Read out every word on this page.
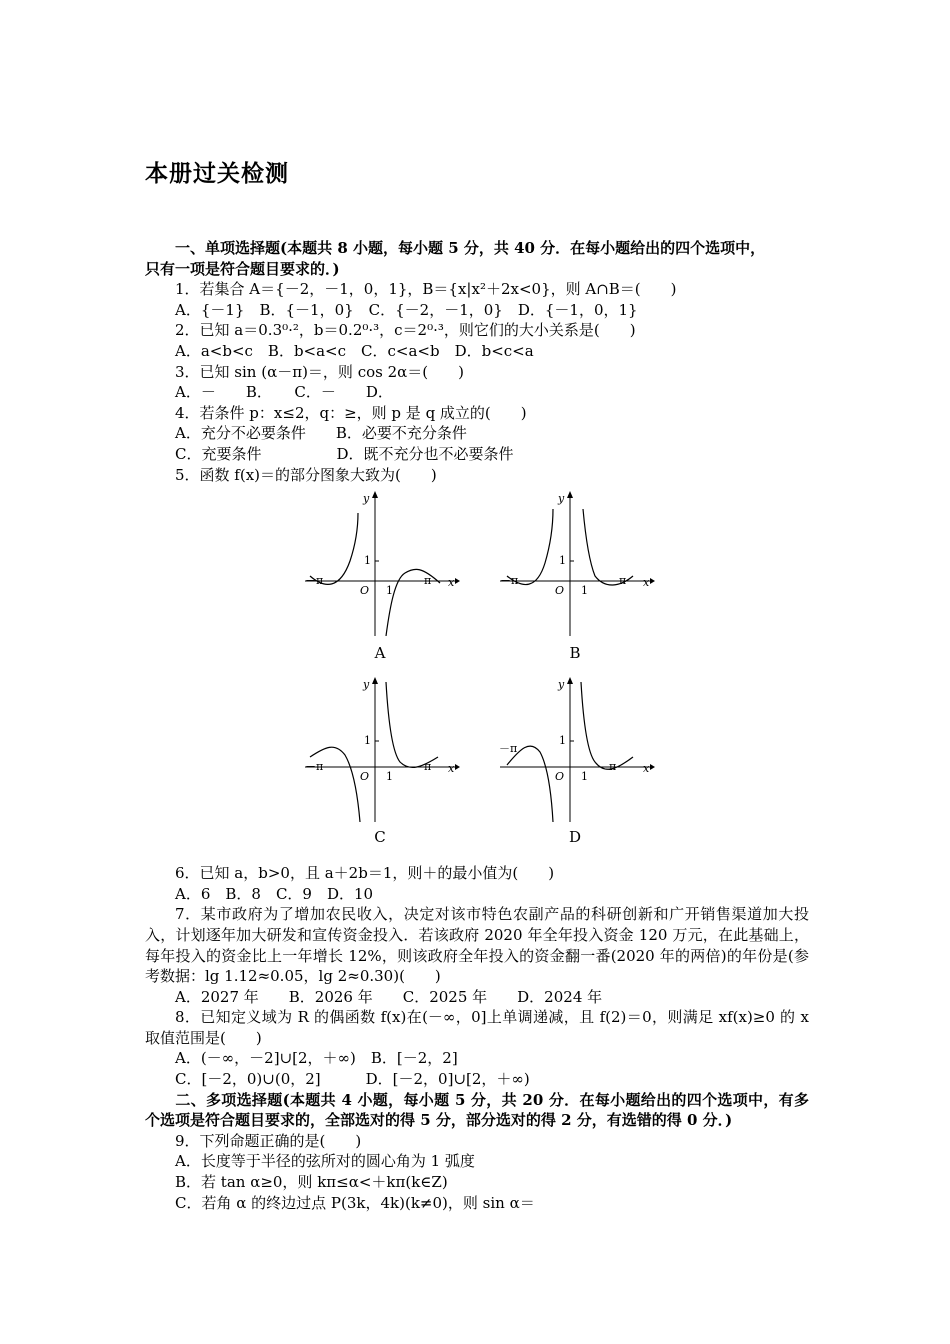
本册过关检测
一、单项选择题(本题共 8 小题，每小题 5 分，共 40 分．在每小题给出的四个选项中，
只有一项是符合题目要求的．)
1．若集合 A＝{－2，－1，0，1}，B＝{x|x²＋2x<0}，则 A∩B＝(　　)
A．{－1}　B．{－1，0}　C．{－2，－1，0}　D．{－1，0，1}
2．已知 a＝0.3⁰·²，b＝0.2⁰·³，c＝2⁰·³，则它们的大小关系是(　　)
A．a<b<c　B．b<a<c　C．c<a<b　D．b<c<a
3．已知 sin (α－π)＝，则 cos 2α＝(　　)
A．－　　B．　　C．－　　D．
4．若条件 p：x≤2，q：≥，则 p 是 q 成立的(　　)
A．充分不必要条件　　B．必要不充分条件
C．充要条件　　　　　D．既不充分也不必要条件
5．函数 f(x)＝的部分图象大致为(　　)
－π
O
1
1
π x
y
A
－π
O
1
1
π x
y
B
－π
O
1
1
π x
y
C
－π
O
1
1
π x
y
D
6．已知 a，b>0，且 a＋2b＝1，则＋的最小值为(　　)
A．6　B．8　C．9　D．10
7．某市政府为了增加农民收入，决定对该市特色农副产品的科研创新和广开销售渠道加大投入，计划逐年加大研发和宣传资金投入．若该政府 2020 年全年投入资金 120 万元，在此基础上，每年投入的资金比上一年增长 12%，则该政府全年投入的资金翻一番(2020 年的两倍)的年份是(参考数据：lg 1.12≈0.05，lg 2≈0.30)(　　)
A．2027 年　　B．2026 年　　C．2025 年　　D．2024 年
8．已知定义域为 R 的偶函数 f(x)在(－∞，0]上单调递减，且 f(2)＝0，则满足 xf(x)≥0 的 x 取值范围是(　　)
A．(－∞，－2]∪[2，＋∞)　B．[－2，2]
C．[－2，0)∪(0，2]　　　D．[－2，0]∪[2，＋∞)
二、多项选择题(本题共 4 小题，每小题 5 分，共 20 分．在每小题给出的四个选项中，有多个选项是符合题目要求的，全部选对的得 5 分，部分选对的得 2 分，有选错的得 0 分．)
9．下列命题正确的是(　　)
A．长度等于半径的弦所对的圆心角为 1 弧度
B．若 tan α≥0，则 kπ≤α<＋kπ(k∈Z)
C．若角 α 的终边过点 P(3k，4k)(k≠0)，则 sin α＝
